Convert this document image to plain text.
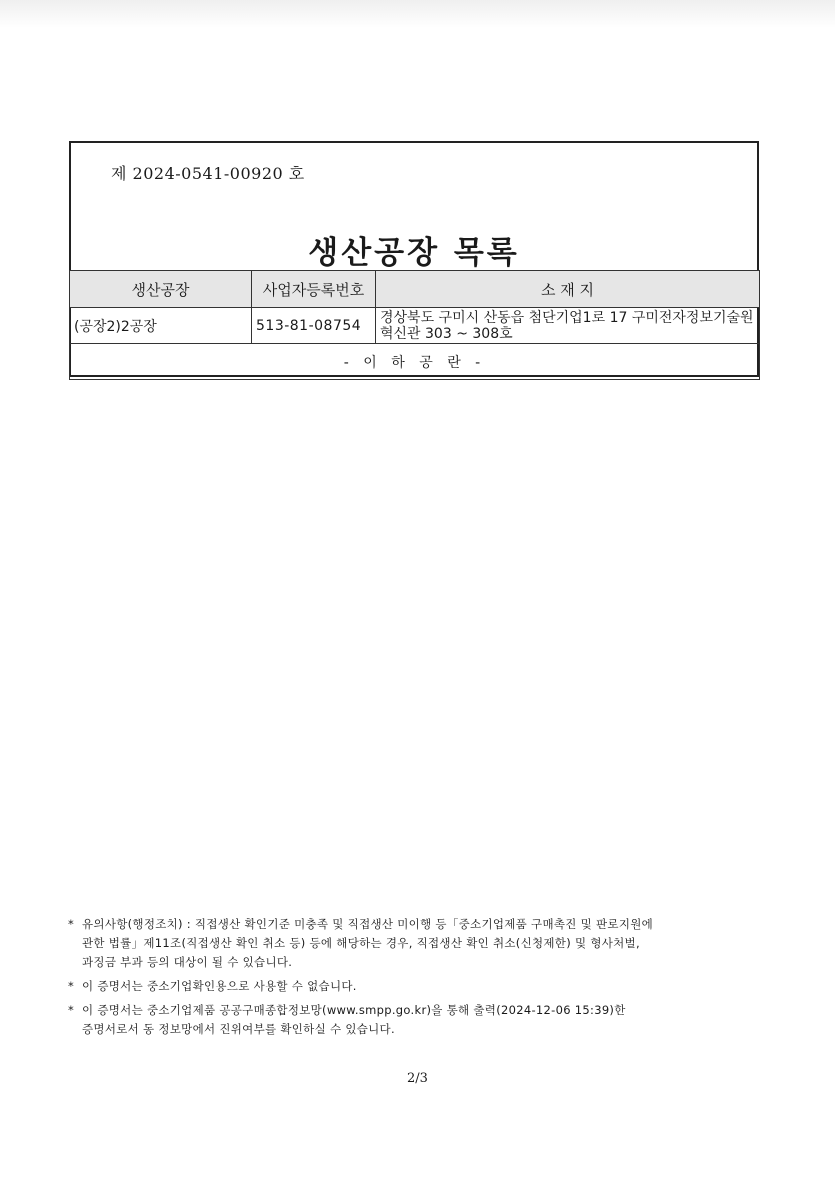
제 2024-0541-00920 호
생산공장 목록
생산공장	사업자등록번호	소 재 지
(공장2)2공장	513-81-08754	경상북도 구미시 산동읍 첨단기업1로 17 구미전자정보기술원
혁신관 303 ~ 308호

- 이 하 공 란 -		
* 유의사항(행정조치) : 직접생산 확인기준 미충족 및 직접생산 미이행 등「중소기업제품 구매촉진 및 판로지원에
관한 법률」제11조(직접생산 확인 취소 등) 등에 해당하는 경우, 직접생산 확인 취소(신청제한) 및 형사처벌,
과징금 부과 등의 대상이 될 수 있습니다.
* 이 증명서는 중소기업확인용으로 사용할 수 없습니다.
* 이 증명서는 중소기업제품 공공구매종합정보망(www.smpp.go.kr)을 통해 출력(2024-12-06 15:39)한
증명서로서 동 정보망에서 진위여부를 확인하실 수 있습니다.
2/3
